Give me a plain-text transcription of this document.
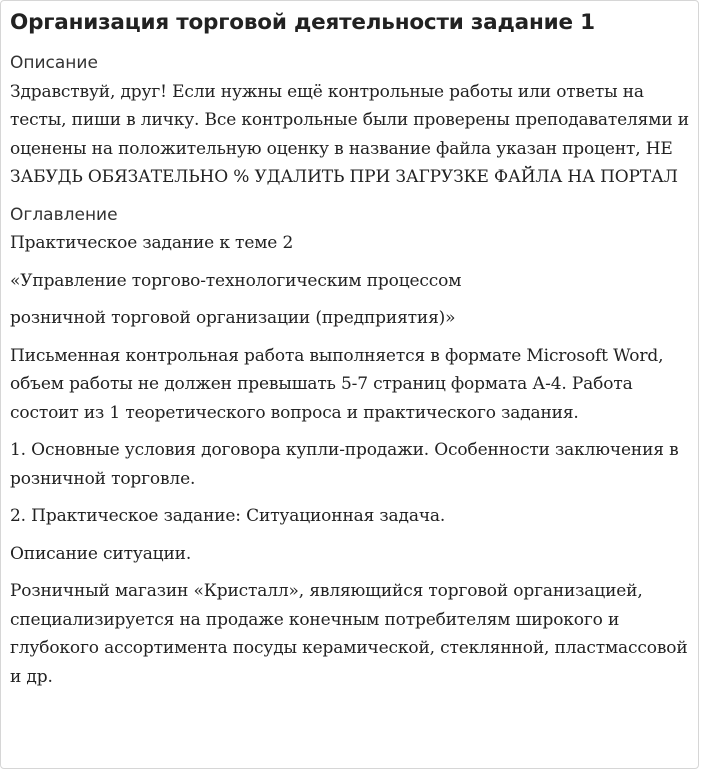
Организация торговой деятельности задание 1
Описание

Здравствуй, друг! Если нужны ещё контрольные работы или ответы на тесты, пиши в личку. Все контрольные были проверены преподавателями и оценены на положительную оценку в название файла указан процент, НЕ ЗАБУДЬ ОБЯЗАТЕЛЬНО % УДАЛИТЬ ПРИ ЗАГРУЗКЕ ФАЙЛА НА ПОРТАЛ

Оглавление

Практическое задание к теме 2

«Управление торгово-технологическим процессом

розничной торговой организации (предприятия)»

Письменная контрольная работа выполняется в формате Microsoft Word, объем работы не должен превышать 5-7 страниц формата А-4. Работа состоит из 1 теоретического вопроса и практического задания.

1. Основные условия договора купли-продажи. Особенности заключения в розничной торговле.

2. Практическое задание: Ситуационная задача.

Описание ситуации.

Розничный магазин «Кристалл», являющийся торговой организацией, специализируется на продаже конечным потребителям широкого и глубокого ассортимента посуды керамической, стеклянной, пластмассовой и др.
